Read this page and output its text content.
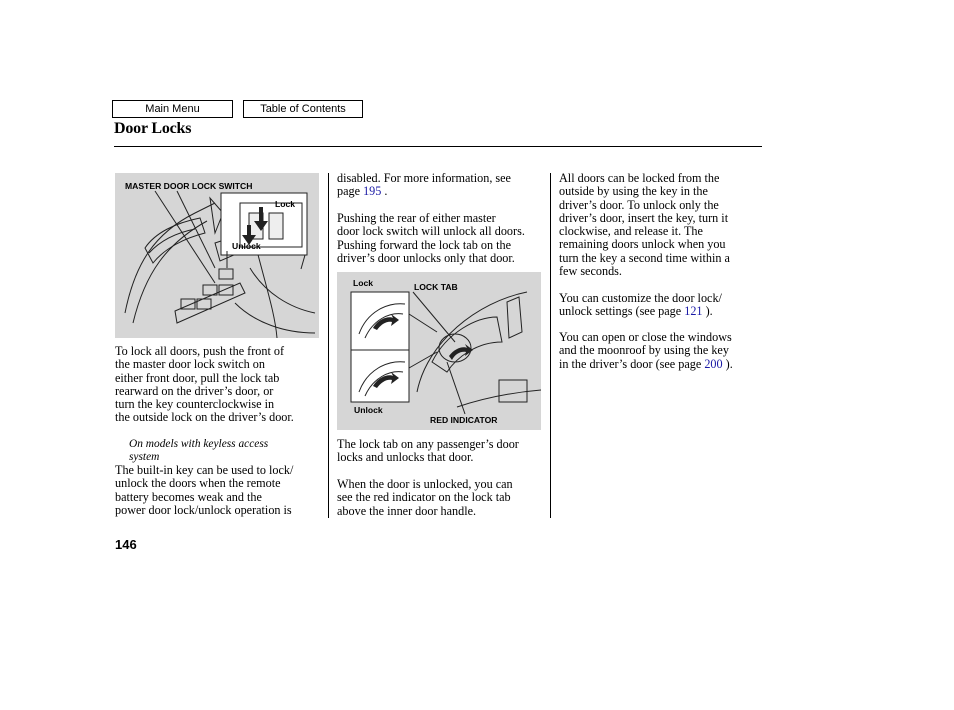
Main Menu	Table of Contents
Door Locks
MASTER DOOR LOCK SWITCH
Lock
Unlock
Lock	LOCK TAB
Unlock
RED INDICATOR

To lock all doors, push the front of

the master door lock switch on

either front door, pull the lock tab

rearward on the driver’s door, or

turn the key counterclockwise in

the outside lock on the driver’s door.

On models with keyless access

system

The built-in key can be used to lock/

unlock the doors when the remote

battery becomes weak and the

power door lock/unlock operation is

disabled. For more information, see

page 195 .

Pushing the rear of either master

door lock switch will unlock all doors.

Pushing forward the lock tab on the

driver’s door unlocks only that door.

The lock tab on any passenger’s door

locks and unlocks that door.

When the door is unlocked, you can

see the red indicator on the lock tab

above the inner door handle.

All doors can be locked from the

outside by using the key in the

driver’s door. To unlock only the

driver’s door, insert the key, turn it

clockwise, and release it. The

remaining doors unlock when you

turn the key a second time within a

few seconds.

You can customize the door lock/

unlock settings (see page 121 ).

You can open or close the windows

and the moonroof by using the key

in the driver’s door (see page 200 ).

146
